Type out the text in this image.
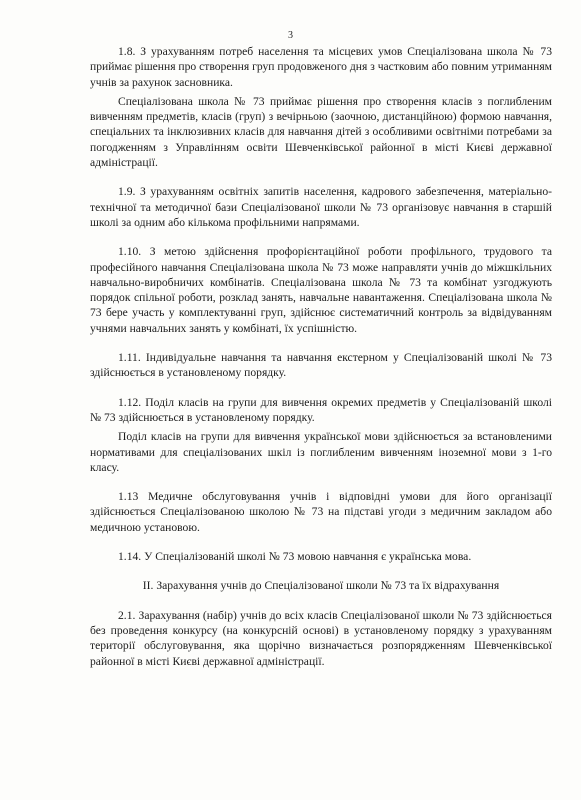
3

1.8. З урахуванням потреб населення та місцевих умов Спеціалізована школа № 73 приймає рішення про створення груп продовженого дня з частковим або повним утриманням учнів за рахунок засновника.

Спеціалізована школа № 73 приймає рішення про створення класів з поглибленим вивченням предметів, класів (груп) з вечірньою (заочною, дистанційною) формою навчання, спеціальних та інклюзивних класів для навчання дітей з особливими освітніми потребами за погодженням з Управлінням освіти Шевченківської районної в місті Києві державної адміністрації.

1.9. З урахуванням освітніх запитів населення, кадрового забезпечення, матеріально-технічної та методичної бази Спеціалізованої школи № 73 організовує навчання в старшій школі за одним або кількома профільними напрямами.

1.10. З метою здійснення профорієнтаційної роботи профільного, трудового та професійного навчання Спеціалізована школа № 73 може направляти учнів до міжшкільних навчально-виробничих комбінатів. Спеціалізована школа № 73 та комбінат узгоджують порядок спільної роботи, розклад занять, навчальне навантаження. Спеціалізована школа № 73 бере участь у комплектуванні груп, здійснює систематичний контроль за відвідуванням учнями навчальних занять у комбінаті, їх успішністю.

1.11. Індивідуальне навчання та навчання екстерном у Спеціалізованій школі № 73 здійснюється в установленому порядку.

1.12. Поділ класів на групи для вивчення окремих предметів у Спеціалізованій школі № 73 здійснюється в установленому порядку.

Поділ класів на групи для вивчення української мови здійснюється за встановленими нормативами для спеціалізованих шкіл із поглибленим вивченням іноземної мови з 1-го класу.

1.13 Медичне обслуговування учнів і відповідні умови для його організації здійснюється Спеціалізованою школою № 73 на підставі угоди з медичним закладом або медичною установою.

1.14. У Спеціалізованій школі № 73 мовою навчання є українська мова.

ІІ. Зарахування учнів до Спеціалізованої школи № 73 та їх відрахування

2.1. Зарахування (набір) учнів до всіх класів Спеціалізованої школи № 73 здійснюється без проведення конкурсу (на конкурсній основі) в установленому порядку з урахуванням території обслуговування, яка щорічно визначається розпорядженням Шевченківської районної в місті Києві державної адміністрації.
